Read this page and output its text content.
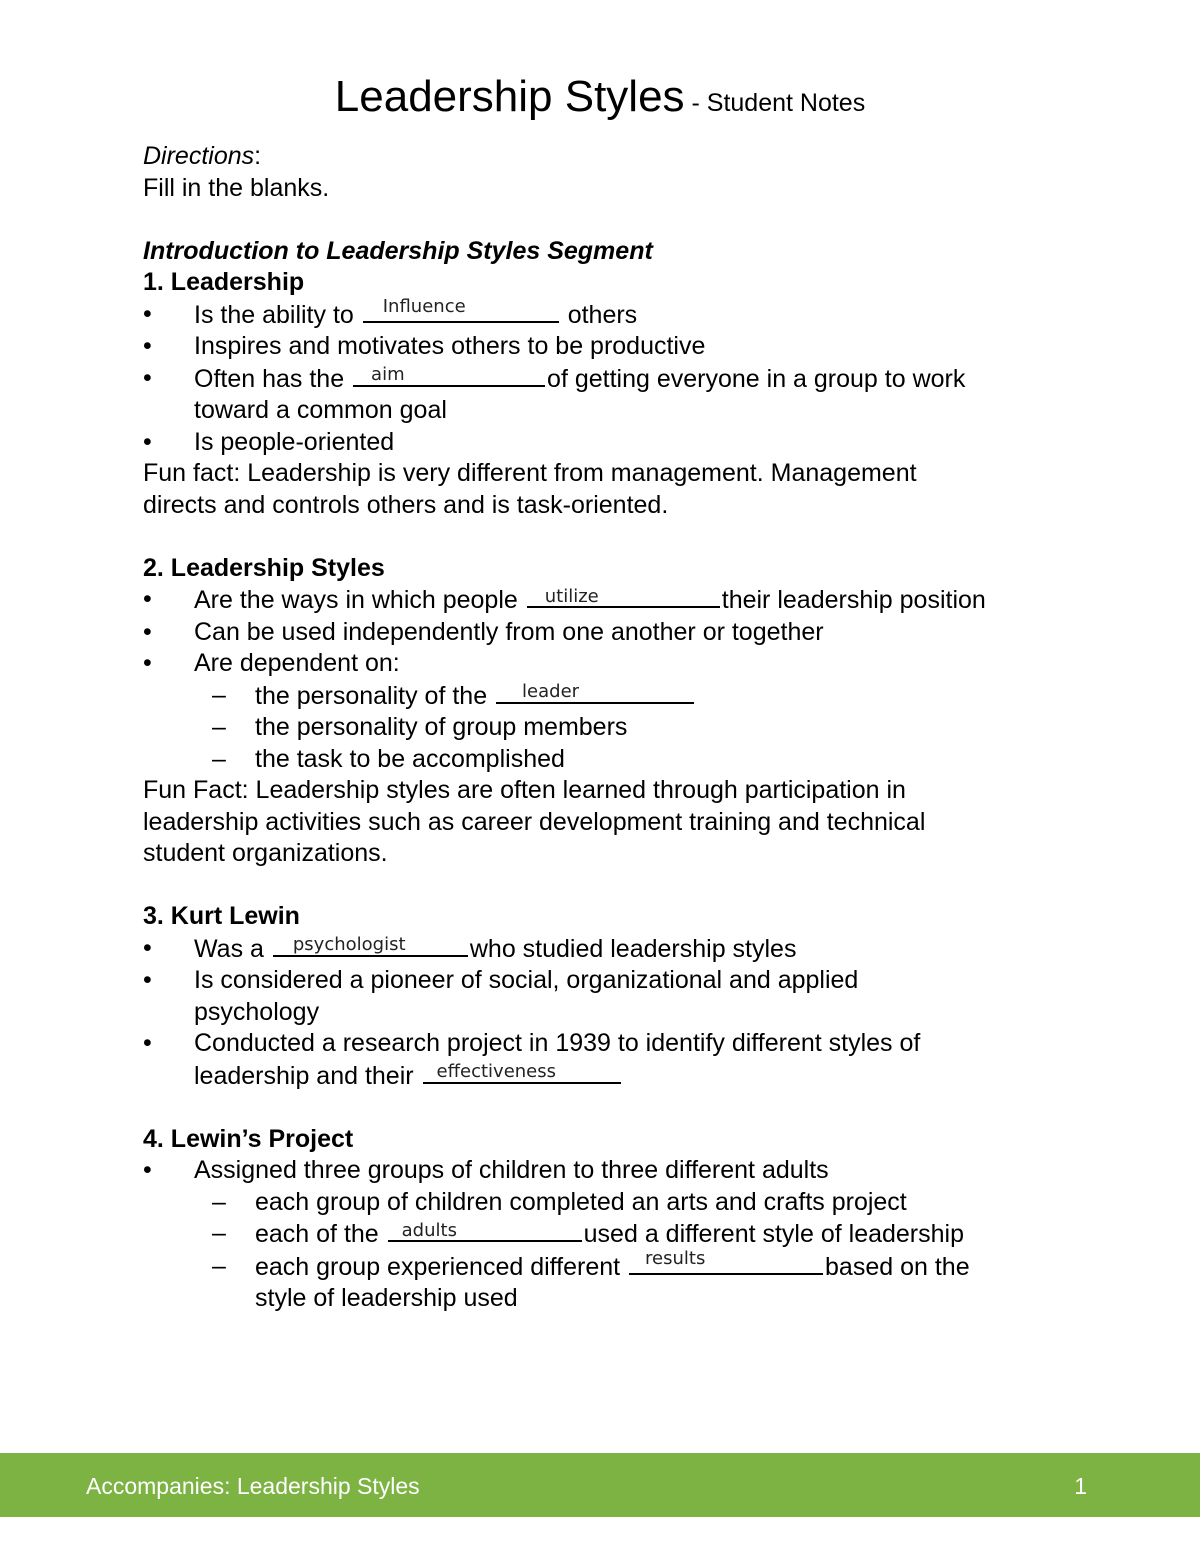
Leadership Styles - Student Notes
Directions:
Fill in the blanks.
Introduction to Leadership Styles Segment
1. Leadership
• Is the ability to Influence	others
• Inspires and motivates others to be productive
• Often has the aim	of getting everyone in a group to work
toward a common goal
• Is people-oriented
Fun fact: Leadership is very different from management. Management
directs and controls others and is task-oriented.
2. Leadership Styles
• Are the ways in which people utilize	their leadership position
• Can be used independently from one another or together
• Are dependent on:
– the personality of the leader
– the personality of group members
– the task to be accomplished
Fun Fact: Leadership styles are often learned through participation in
leadership activities such as career development training and technical
student organizations.
3. Kurt Lewin
• Was a psychologist	who studied leadership styles
• Is considered a pioneer of social, organizational and applied
psychology
• Conducted a research project in 1939 to identify different styles of
leadership and their effectiveness
4. Lewin’s Project
• Assigned three groups of children to three different adults
– each group of children completed an arts and crafts project
– each of the adults	used a different style of leadership
– each group experienced different results	based on the
style of leadership used
Accompanies: Leadership Styles	1
